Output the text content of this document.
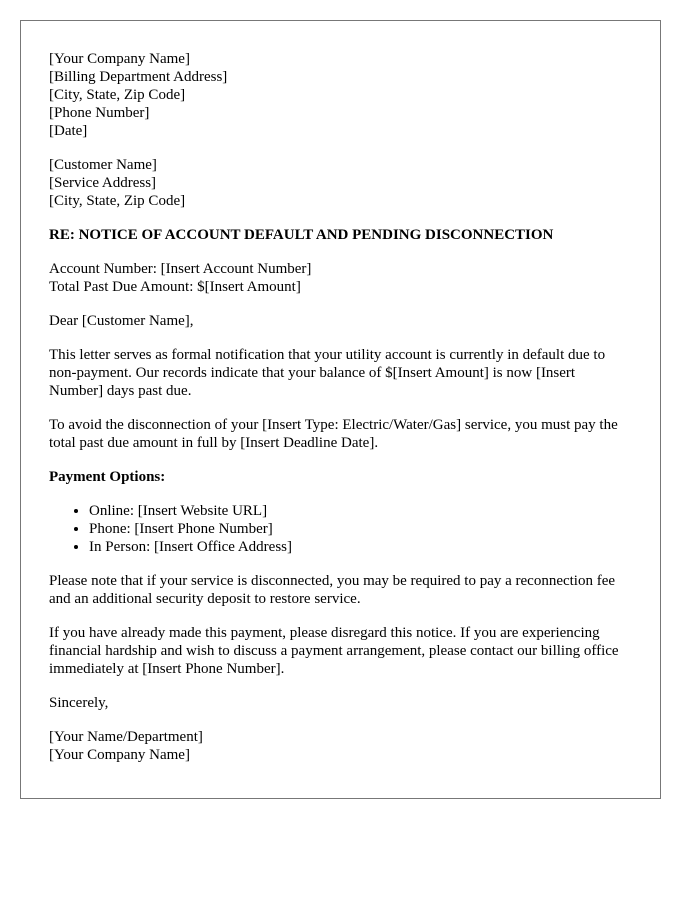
[Your Company Name]
[Billing Department Address]
[City, State, Zip Code]
[Phone Number]
[Date]
[Customer Name]
[Service Address]
[City, State, Zip Code]
RE: NOTICE OF ACCOUNT DEFAULT AND PENDING DISCONNECTION
Account Number: [Insert Account Number]
Total Past Due Amount: $[Insert Amount]
Dear [Customer Name],
This letter serves as formal notification that your utility account is currently in default due to non-payment. Our records indicate that your balance of $[Insert Amount] is now [Insert Number] days past due.
To avoid the disconnection of your [Insert Type: Electric/Water/Gas] service, you must pay the total past due amount in full by [Insert Deadline Date].
Payment Options:
• Online: [Insert Website URL]
• Phone: [Insert Phone Number]
• In Person: [Insert Office Address]
Please note that if your service is disconnected, you may be required to pay a reconnection fee and an additional security deposit to restore service.
If you have already made this payment, please disregard this notice. If you are experiencing financial hardship and wish to discuss a payment arrangement, please contact our billing office immediately at [Insert Phone Number].
Sincerely,
[Your Name/Department]
[Your Company Name]
